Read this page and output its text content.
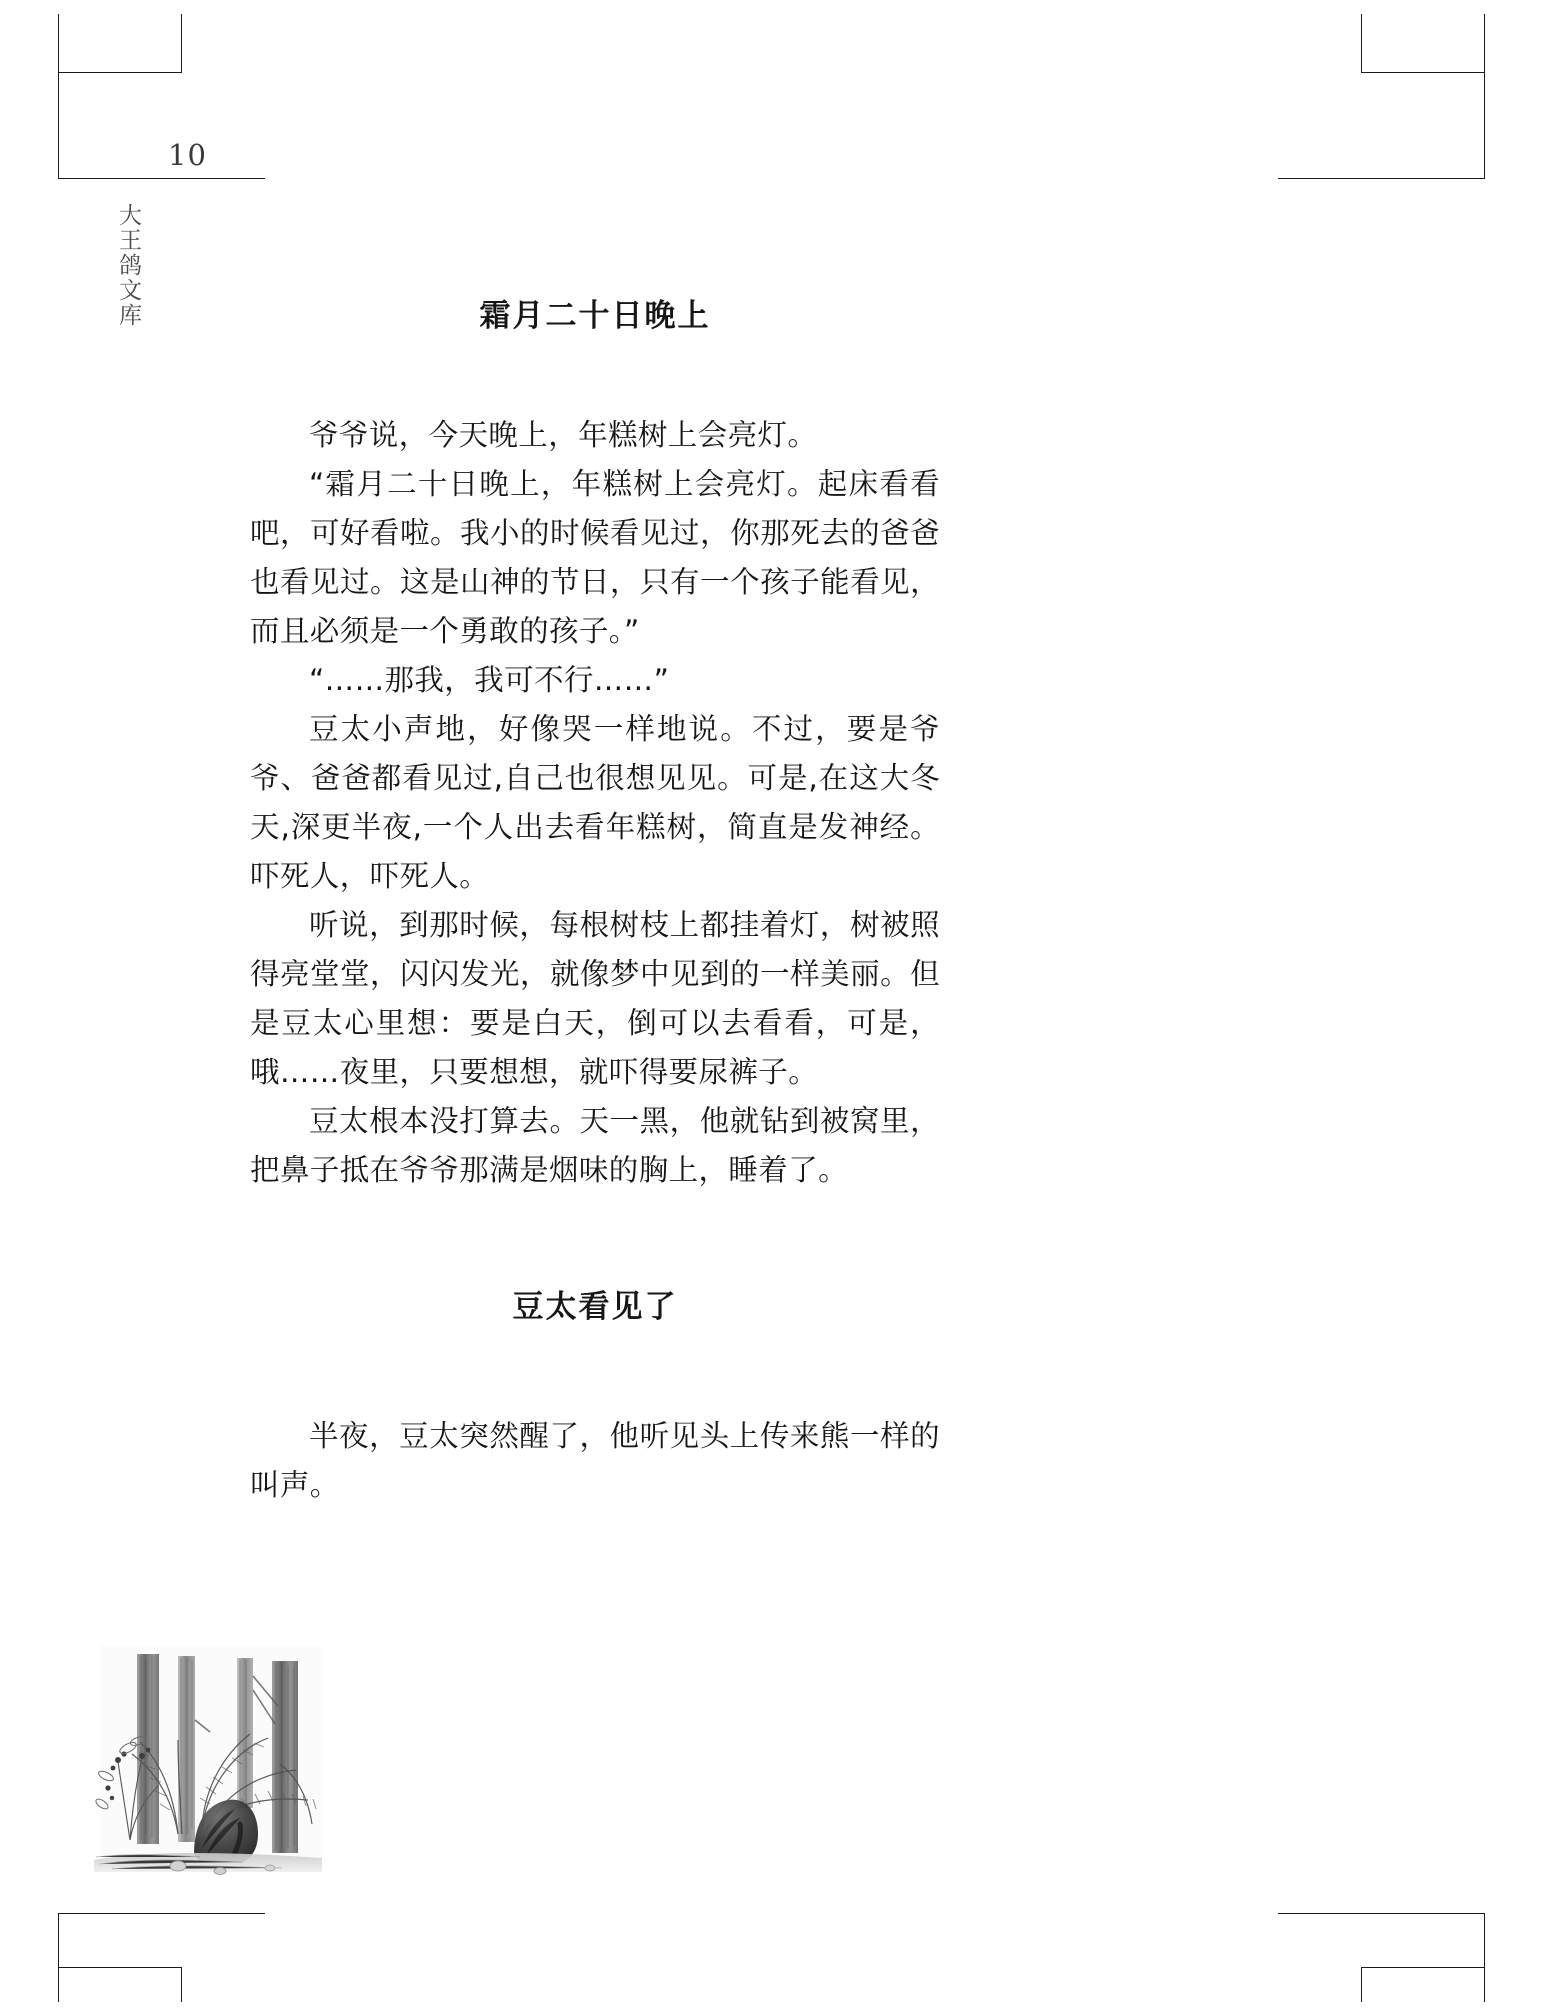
10
大王鸽文库	霜月二十日晚上

爷爷说，今天晚上，年糕树上会亮灯。

“霜月二十日晚上，年糕树上会亮灯。起床看看吧，可好看啦。我小的时候看见过，你那死去的爸爸也看见过。这是山神的节日，只有一个孩子能看见，而且必须是一个勇敢的孩子。”

“……那我，我可不行……”

豆太小声地，好像哭一样地说。不过，要是爷爷、爸爸都看见过,自己也很想见见。可是,在这大冬天,深更半夜,一个人出去看年糕树，简直是发神经。吓死人，吓死人。

听说，到那时候，每根树枝上都挂着灯，树被照得亮堂堂，闪闪发光，就像梦中见到的一样美丽。但是豆太心里想：要是白天，倒可以去看看，可是，哦……夜里，只要想想，就吓得要尿裤子。

豆太根本没打算去。天一黑，他就钻到被窝里，把鼻子抵在爷爷那满是烟味的胸上，睡着了。

豆太看见了

半夜，豆太突然醒了，他听见头上传来熊一样的叫声。
